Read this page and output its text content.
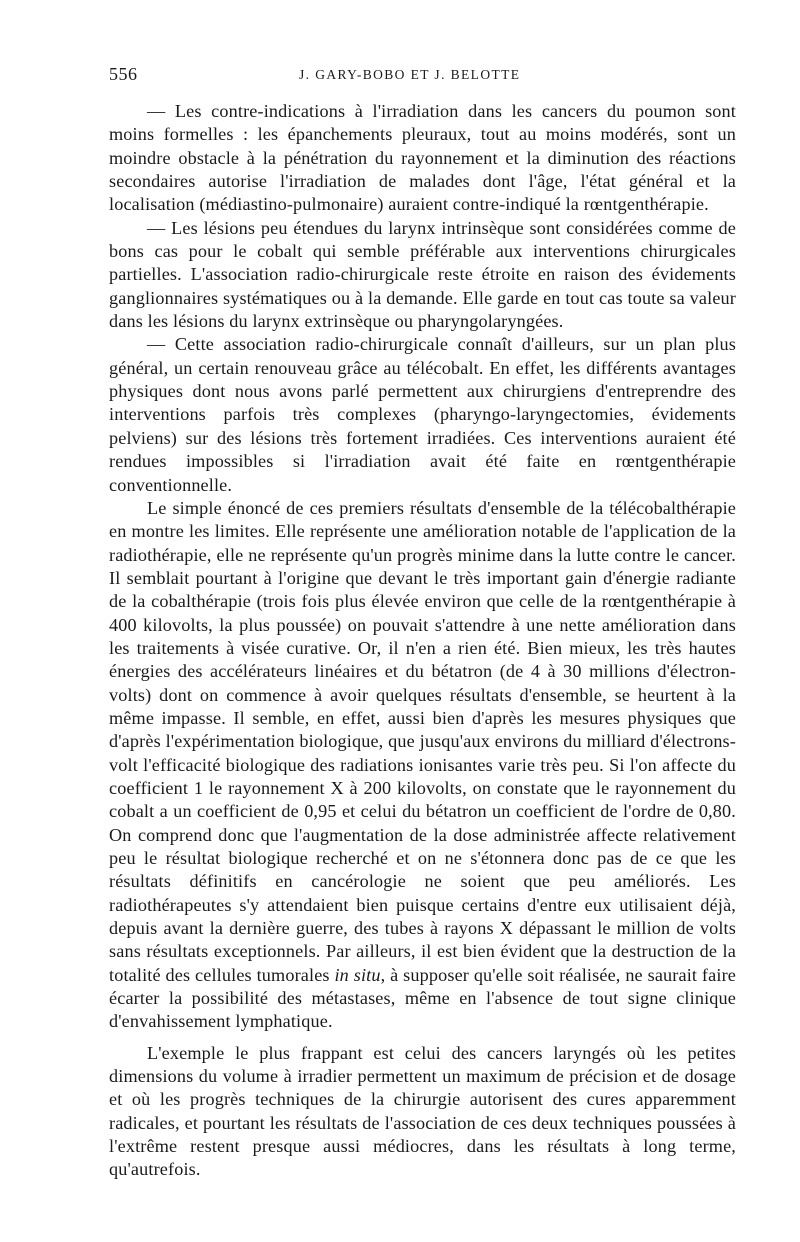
556	J. GARY-BOBO ET J. BELOTTE

— Les contre-indications à l'irradiation dans les cancers du poumon sont moins formelles : les épanchements pleuraux, tout au moins modérés, sont un moindre obstacle à la pénétration du rayonnement et la diminution des réactions secondaires autorise l'irradiation de malades dont l'âge, l'état général et la localisation (médiastino-pulmonaire) auraient contre-indiqué la rœntgenthérapie.

— Les lésions peu étendues du larynx intrinsèque sont considérées comme de bons cas pour le cobalt qui semble préférable aux interventions chirurgicales partielles. L'association radio-chirurgicale reste étroite en raison des évidements ganglionnaires systématiques ou à la demande. Elle garde en tout cas toute sa valeur dans les lésions du larynx extrinsèque ou pharyngolaryngées.

— Cette association radio-chirurgicale connaît d'ailleurs, sur un plan plus général, un certain renouveau grâce au télécobalt. En effet, les différents avantages physiques dont nous avons parlé permettent aux chirurgiens d'entreprendre des interventions parfois très complexes (pharyngo-laryngectomies, évidements pelviens) sur des lésions très fortement irradiées. Ces interventions auraient été rendues impossibles si l'irradiation avait été faite en rœntgenthérapie conventionnelle.

Le simple énoncé de ces premiers résultats d'ensemble de la télécobalthérapie en montre les limites. Elle représente une amélioration notable de l'application de la radiothérapie, elle ne représente qu'un progrès minime dans la lutte contre le cancer. Il semblait pourtant à l'origine que devant le très important gain d'énergie radiante de la cobalthérapie (trois fois plus élevée environ que celle de la rœntgenthérapie à 400 kilovolts, la plus poussée) on pouvait s'attendre à une nette amélioration dans les traitements à visée curative. Or, il n'en a rien été. Bien mieux, les très hautes énergies des accélérateurs linéaires et du bétatron (de 4 à 30 millions d'électron-volts) dont on commence à avoir quelques résultats d'ensemble, se heurtent à la même impasse. Il semble, en effet, aussi bien d'après les mesures physiques que d'après l'expérimentation biologique, que jusqu'aux environs du milliard d'électrons-volt l'efficacité biologique des radiations ionisantes varie très peu. Si l'on affecte du coefficient 1 le rayonnement X à 200 kilovolts, on constate que le rayonnement du cobalt a un coefficient de 0,95 et celui du bétatron un coefficient de l'ordre de 0,80. On comprend donc que l'augmentation de la dose administrée affecte relativement peu le résultat biologique recherché et on ne s'étonnera donc pas de ce que les résultats définitifs en cancérologie ne soient que peu améliorés. Les radiothérapeutes s'y attendaient bien puisque certains d'entre eux utilisaient déjà, depuis avant la dernière guerre, des tubes à rayons X dépassant le million de volts sans résultats exceptionnels. Par ailleurs, il est bien évident que la destruction de la totalité des cellules tumorales in situ, à supposer qu'elle soit réalisée, ne saurait faire écarter la possibilité des métastases, même en l'absence de tout signe clinique d'envahissement lymphatique.

L'exemple le plus frappant est celui des cancers laryngés où les petites dimensions du volume à irradier permettent un maximum de précision et de dosage et où les progrès techniques de la chirurgie autorisent des cures apparemment radicales, et pourtant les résultats de l'association de ces deux techniques poussées à l'extrême restent presque aussi médiocres, dans les résultats à long terme, qu'autrefois.
